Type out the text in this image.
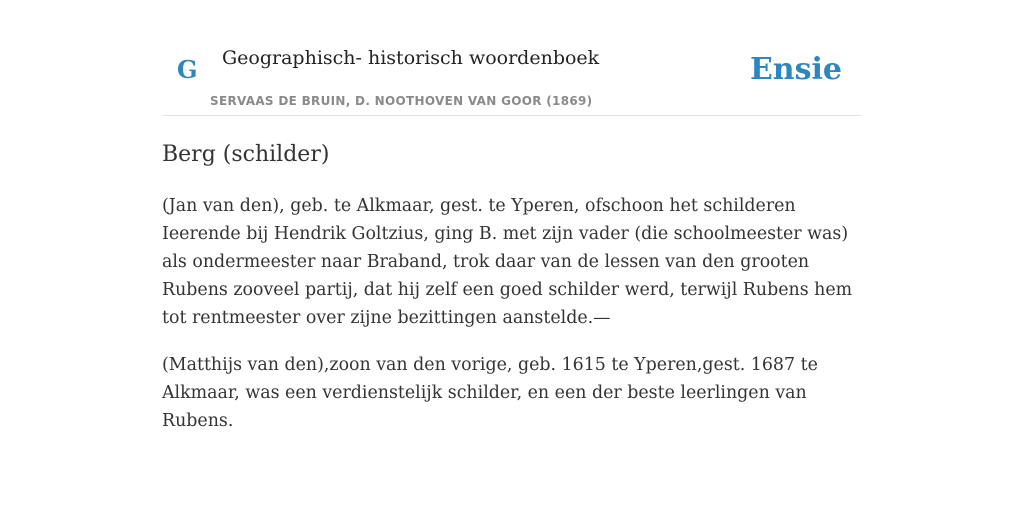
G Geographisch- historisch woordenboek
SERVAAS DE BRUIN, D. NOOTHOVEN VAN GOOR (1869)
Ensie
Berg (schilder)

(Jan van den), geb. te Alkmaar, gest. te Yperen, ofschoon het schilderen Ieerende bij Hendrik Goltzius, ging B. met zijn vader (die schoolmeester was) als ondermeester naar Braband, trok daar van de lessen van den grooten Rubens zooveel partij, dat hij zelf een goed schilder werd, terwijl Rubens hem tot rentmeester over zijne bezittingen aanstelde.—

(Matthijs van den),zoon van den vorige, geb. 1615 te Yperen,gest. 1687 te Alkmaar, was een verdienstelijk schilder, en een der beste leerlingen van Rubens.
